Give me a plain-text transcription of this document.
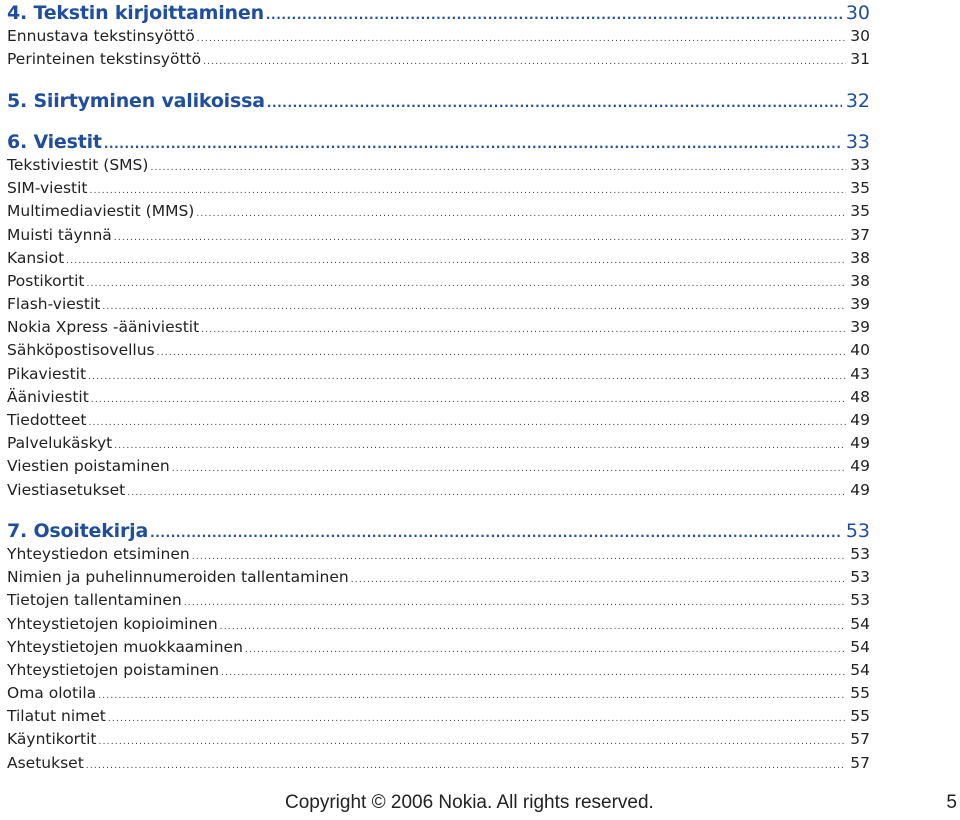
4. Tekstin kirjoittaminen .....	30
Ennustava tekstinsyöttö .....	30
Perinteinen tekstinsyöttö .....	31
5. Siirtyminen valikoissa .....	32
6. Viestit .....	33
Tekstiviestit (SMS) .....	33
SIM-viestit .....	35
Multimediaviestit (MMS) .....	35
Muisti täynnä .....	37
Kansiot .....	38
Postikortit .....	38
Flash-viestit .....	39
Nokia Xpress -ääniviestit .....	39
Sähköpostisovellus .....	40
Pikaviestit .....	43
Ääniviestit .....	48
Tiedotteet .....	49
Palvelukäskyt .....	49
Viestien poistaminen .....	49
Viestiasetukset .....	49
7. Osoitekirja .....	53
Yhteystiedon etsiminen .....	53
Nimien ja puhelinnumeroiden tallentaminen .....	53
Tietojen tallentaminen .....	53
Yhteystietojen kopioiminen .....	54
Yhteystietojen muokkaaminen .....	54
Yhteystietojen poistaminen .....	54
Oma olotila .....	55
Tilatut nimet .....	55
Käyntikortit .....	57
Asetukset .....	57
Copyright © 2006 Nokia. All rights reserved.	5
